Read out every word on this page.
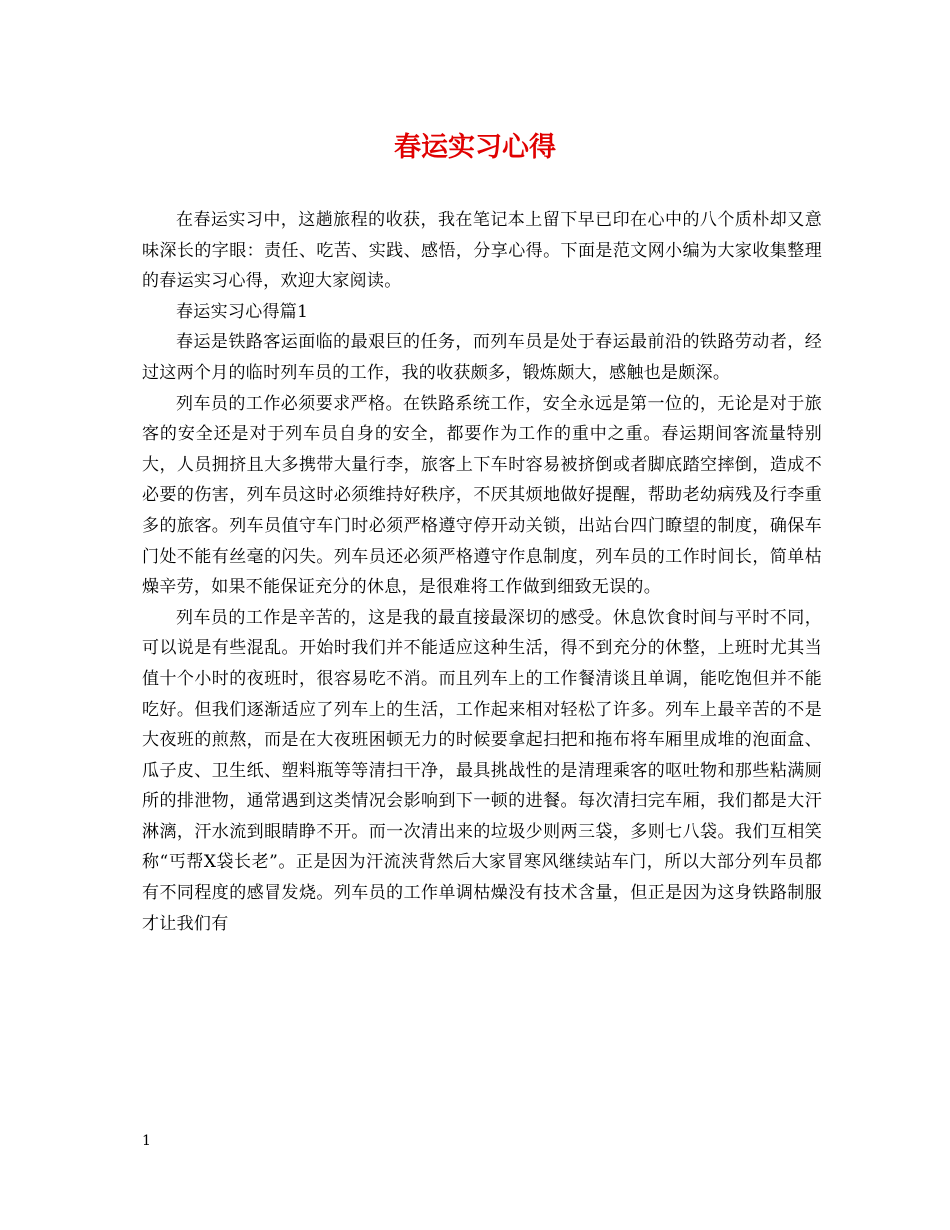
春运实习心得

在春运实习中，这趟旅程的收获，我在笔记本上留下早已印在心中的八个质朴却又意味深长的字眼：责任、吃苦、实践、感悟，分享心得。下面是范文网小编为大家收集整理的春运实习心得，欢迎大家阅读。

春运实习心得篇1

春运是铁路客运面临的最艰巨的任务，而列车员是处于春运最前沿的铁路劳动者，经过这两个月的临时列车员的工作，我的收获颇多，锻炼颇大，感触也是颇深。

列车员的工作必须要求严格。在铁路系统工作，安全永远是第一位的，无论是对于旅客的安全还是对于列车员自身的安全，都要作为工作的重中之重。春运期间客流量特别大，人员拥挤且大多携带大量行李，旅客上下车时容易被挤倒或者脚底踏空摔倒，造成不必要的伤害，列车员这时必须维持好秩序，不厌其烦地做好提醒，帮助老幼病残及行李重多的旅客。列车员值守车门时必须严格遵守停开动关锁，出站台四门瞭望的制度，确保车门处不能有丝毫的闪失。列车员还必须严格遵守作息制度，列车员的工作时间长，简单枯燥辛劳，如果不能保证充分的休息，是很难将工作做到细致无误的。

列车员的工作是辛苦的，这是我的最直接最深切的感受。休息饮食时间与平时不同，可以说是有些混乱。开始时我们并不能适应这种生活，得不到充分的休整，上班时尤其当值十个小时的夜班时，很容易吃不消。而且列车上的工作餐清谈且单调，能吃饱但并不能吃好。但我们逐渐适应了列车上的生活，工作起来相对轻松了许多。列车上最辛苦的不是大夜班的煎熬，而是在大夜班困顿无力的时候要拿起扫把和拖布将车厢里成堆的泡面盒、瓜子皮、卫生纸、塑料瓶等等清扫干净，最具挑战性的是清理乘客的呕吐物和那些粘满厕所的排泄物，通常遇到这类情况会影响到下一顿的进餐。每次清扫完车厢，我们都是大汗淋漓，汗水流到眼睛睁不开。而一次清出来的垃圾少则两三袋，多则七八袋。我们互相笑称“丐帮X袋长老”。正是因为汗流浃背然后大家冒寒风继续站车门，所以大部分列车员都有不同程度的感冒发烧。列车员的工作单调枯燥没有技术含量，但正是因为这身铁路制服才让我们有

1
